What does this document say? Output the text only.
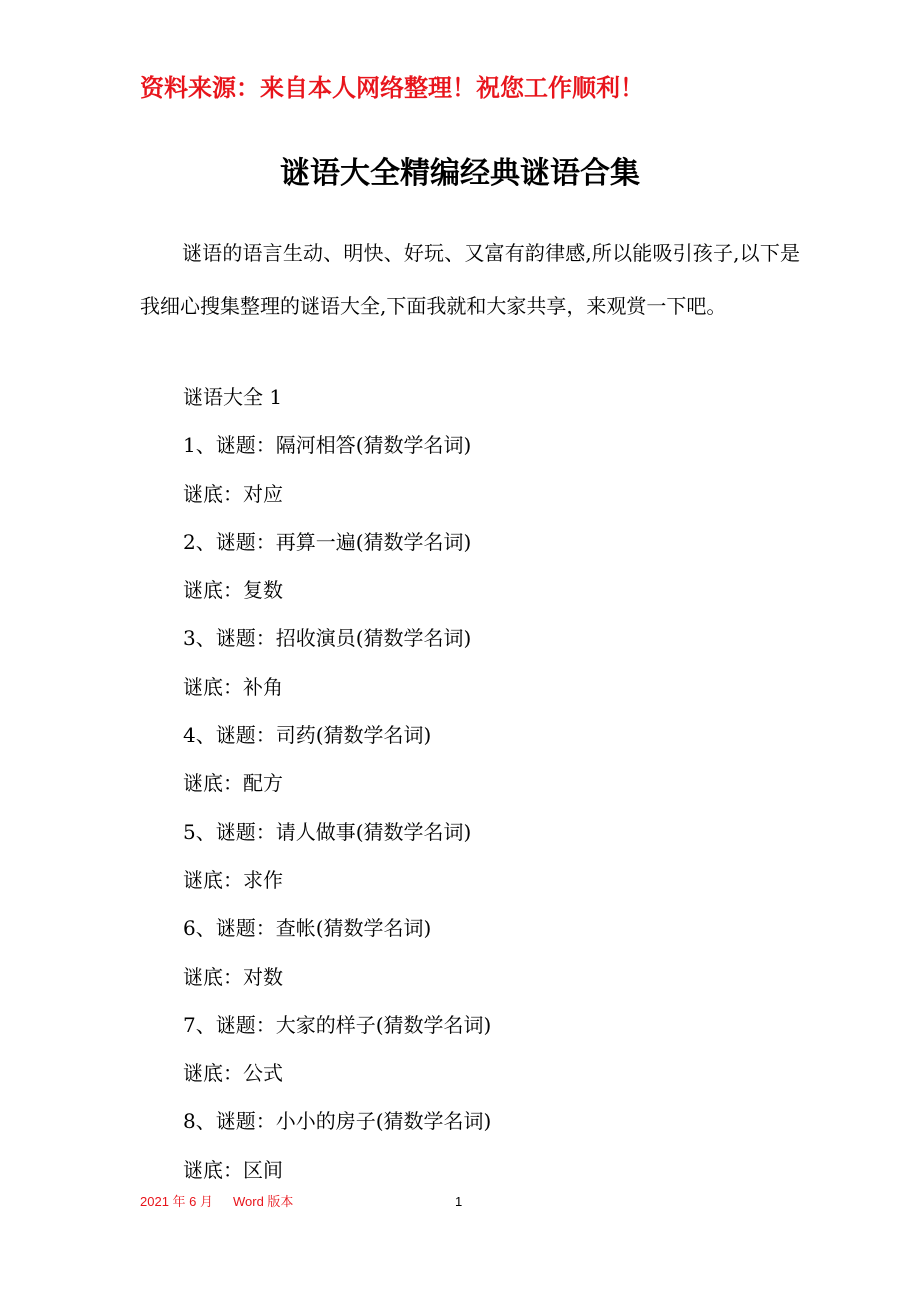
资料来源：来自本人网络整理！祝您工作顺利！
谜语大全精编经典谜语合集

谜语的语言生动、明快、好玩、又富有韵律感,所以能吸引孩子,以下是我细心搜集整理的谜语大全,下面我就和大家共享，来观赏一下吧。

谜语大全 1
1、谜题：隔河相答(猜数学名词)
谜底：对应
2、谜题：再算一遍(猜数学名词)
谜底：复数
3、谜题：招收演员(猜数学名词)
谜底：补角
4、谜题：司药(猜数学名词)
谜底：配方
5、谜题：请人做事(猜数学名词)
谜底：求作
6、谜题：查帐(猜数学名词)
谜底：对数
7、谜题：大家的样子(猜数学名词)
谜底：公式
8、谜题：小小的房子(猜数学名词)
谜底：区间
2021 年 6 月 Word 版本	1
